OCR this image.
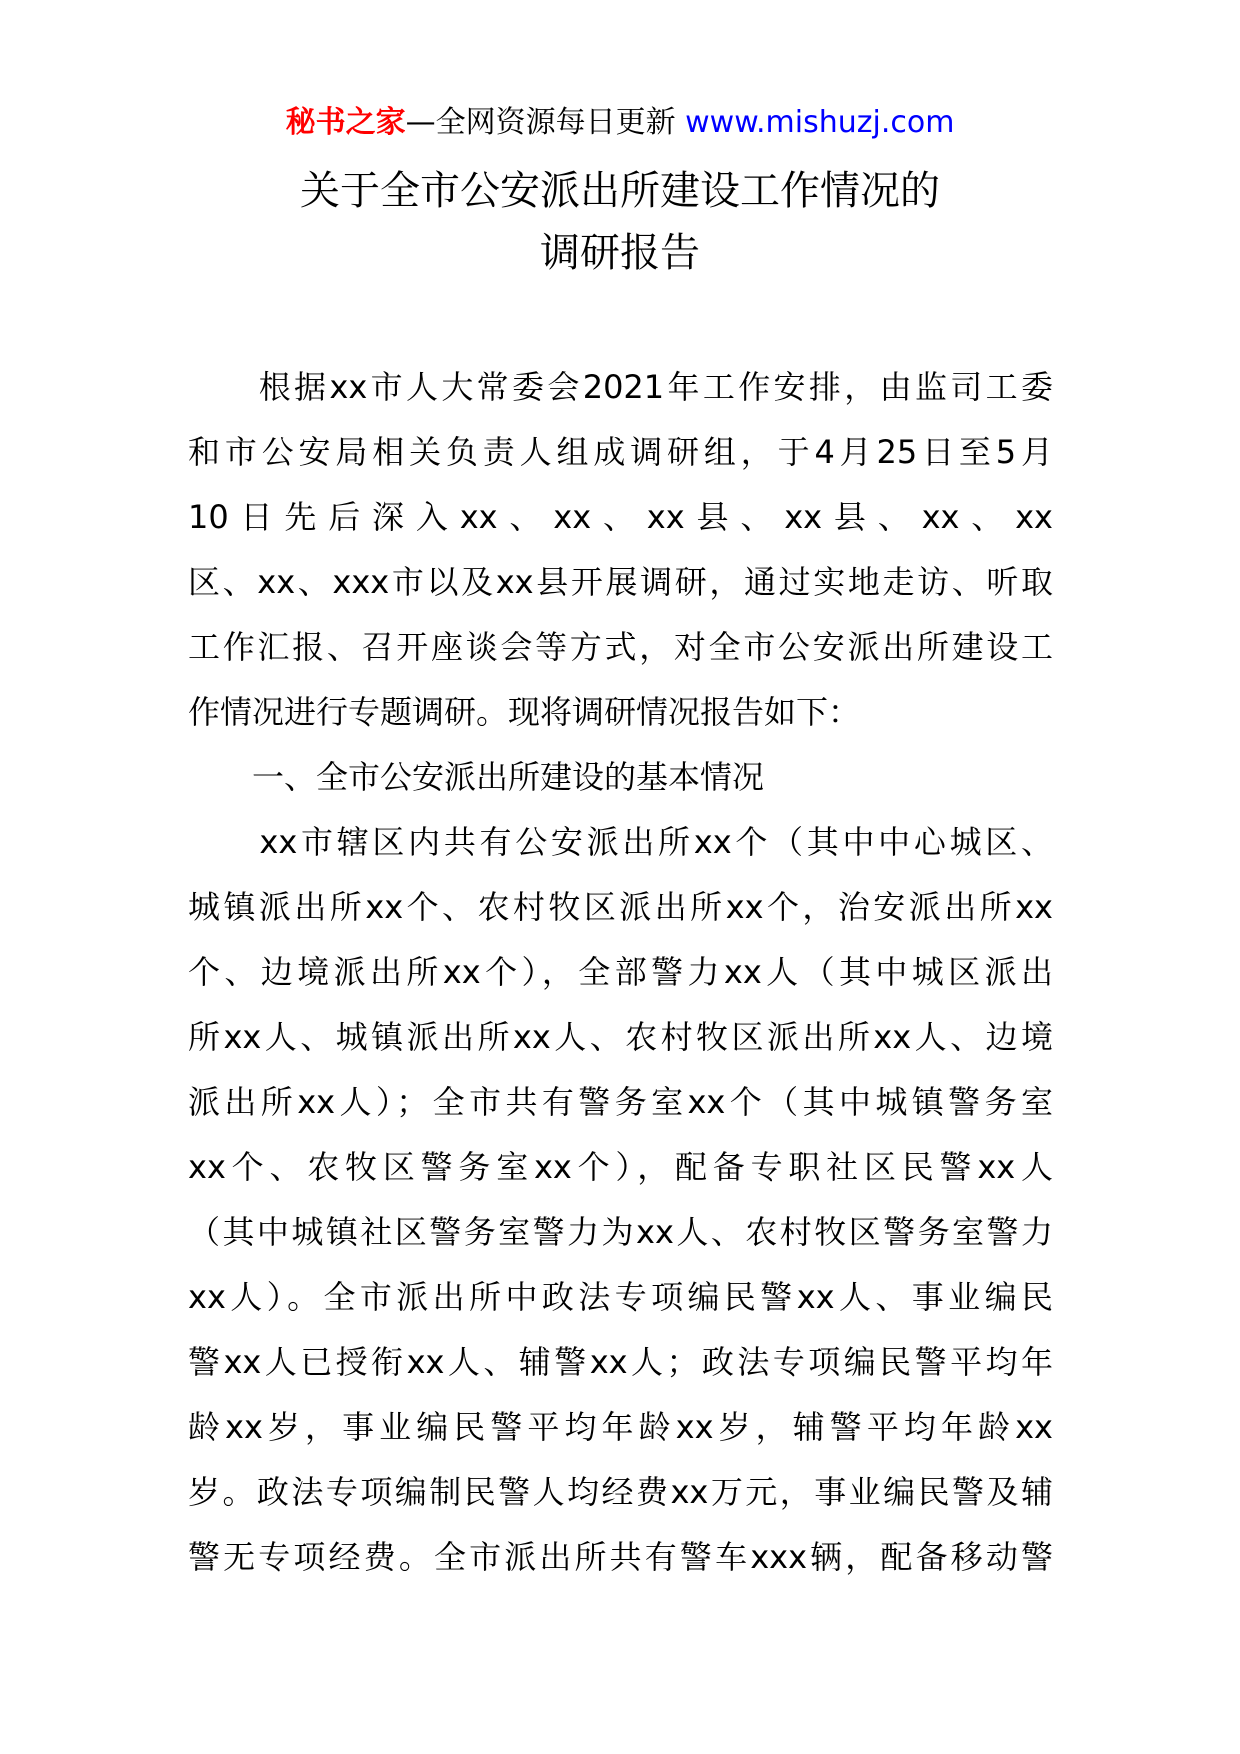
秘书之家—全网资源每日更新 www.mishuzj.com
关于全市公安派出所建设工作情况的
调研报告
　　根据xx市人大常委会2021年工作安排，由监司工委
和市公安局相关负责人组成调研组，于4月25日至5月
10日先后深入xx、xx、xx县、xx县、xx、xx
区、xx、xxx市以及xx县开展调研，通过实地走访、听取
工作汇报、召开座谈会等方式，对全市公安派出所建设工
作情况进行专题调研。现将调研情况报告如下：
　　一、全市公安派出所建设的基本情况
　　xx市辖区内共有公安派出所xx个（其中中心城区、
城镇派出所xx个、农村牧区派出所xx个，治安派出所xx
个、边境派出所xx个），全部警力xx人（其中城区派出
所xx人、城镇派出所xx人、农村牧区派出所xx人、边境
派出所xx人）；全市共有警务室xx个（其中城镇警务室
xx个、农牧区警务室xx个），配备专职社区民警xx人
（其中城镇社区警务室警力为xx人、农村牧区警务室警力
xx人）。全市派出所中政法专项编民警xx人、事业编民
警xx人已授衔xx人、辅警xx人；政法专项编民警平均年
龄xx岁，事业编民警平均年龄xx岁，辅警平均年龄xx
岁。政法专项编制民警人均经费xx万元，事业编民警及辅
警无专项经费。全市派出所共有警车xxx辆，配备移动警
